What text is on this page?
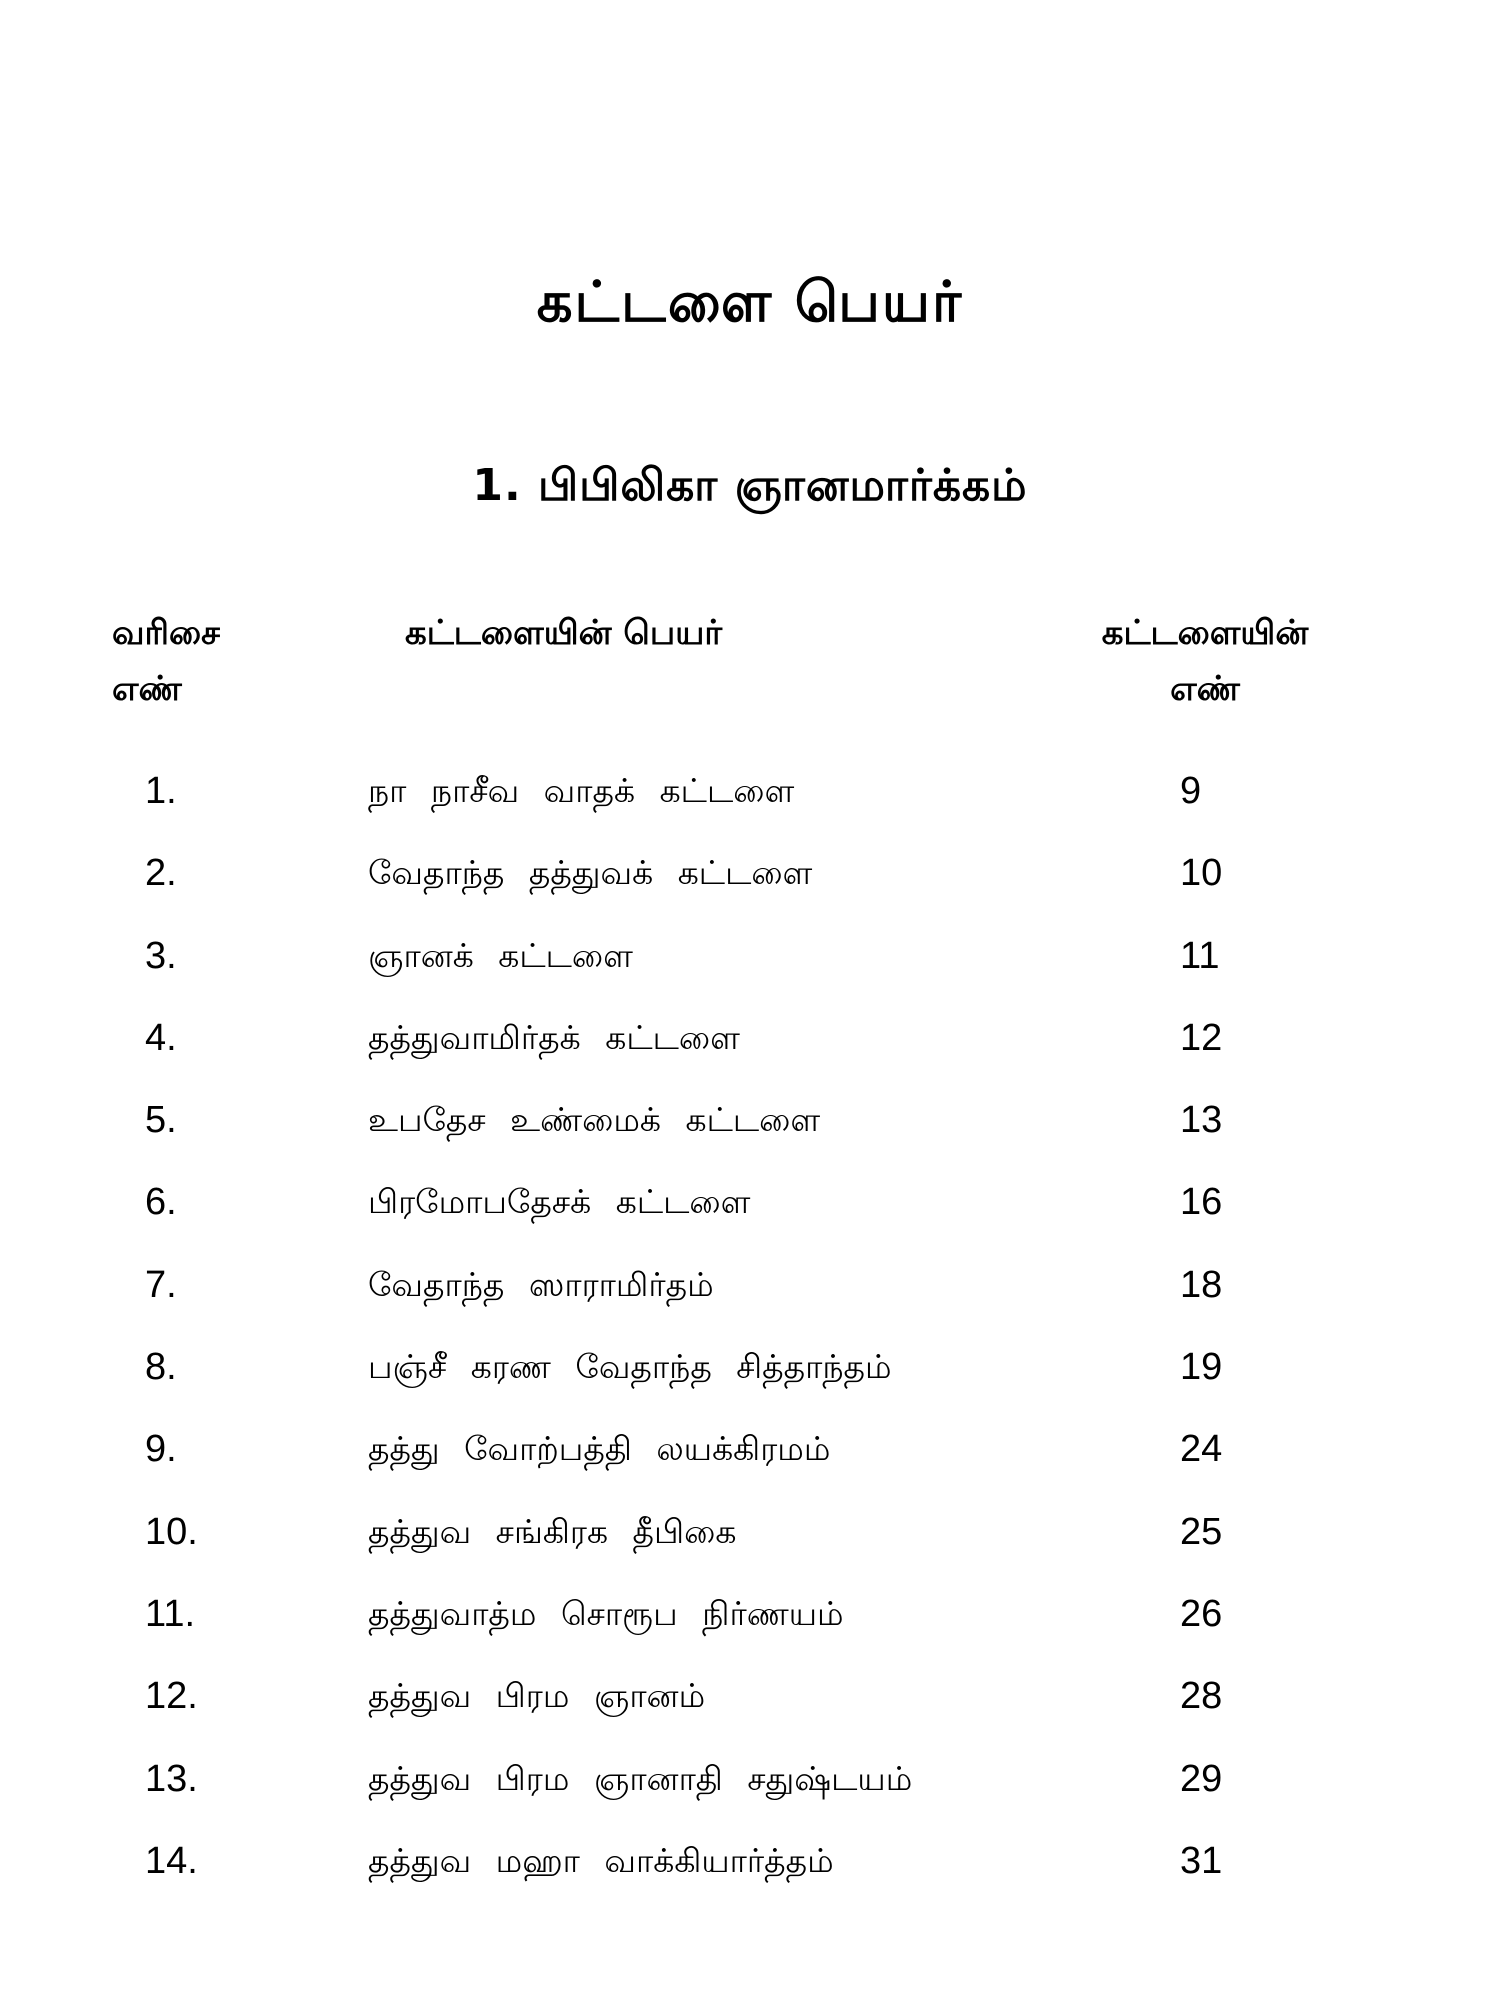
கட்டளை பெயர்
1. பிபிலிகா ஞானமார்க்கம்
வரிசை
எண்
கட்டளையின் பெயர்	கட்டளையின்
எண்
1.	நா நாசீவ வாதக் கட்டளை	9
2.	வேதாந்த தத்துவக் கட்டளை	10
3.	ஞானக் கட்டளை	11
4.	தத்துவாமிர்தக் கட்டளை	12
5.	உபதேச உண்மைக் கட்டளை	13
6.	பிரமோபதேசக் கட்டளை	16
7.	வேதாந்த ஸாராமிர்தம்	18
8.	பஞ்சீ கரண வேதாந்த சித்தாந்தம்	19
9.	தத்து வோற்பத்தி லயக்கிரமம்	24
10.	தத்துவ சங்கிரக தீபிகை	25
11.	தத்துவாத்ம சொரூப நிர்ணயம்	26
12.	தத்துவ பிரம ஞானம்	28
13.	தத்துவ பிரம ஞானாதி சதுஷ்டயம்	29
14.	தத்துவ மஹா வாக்கியார்த்தம்	31
